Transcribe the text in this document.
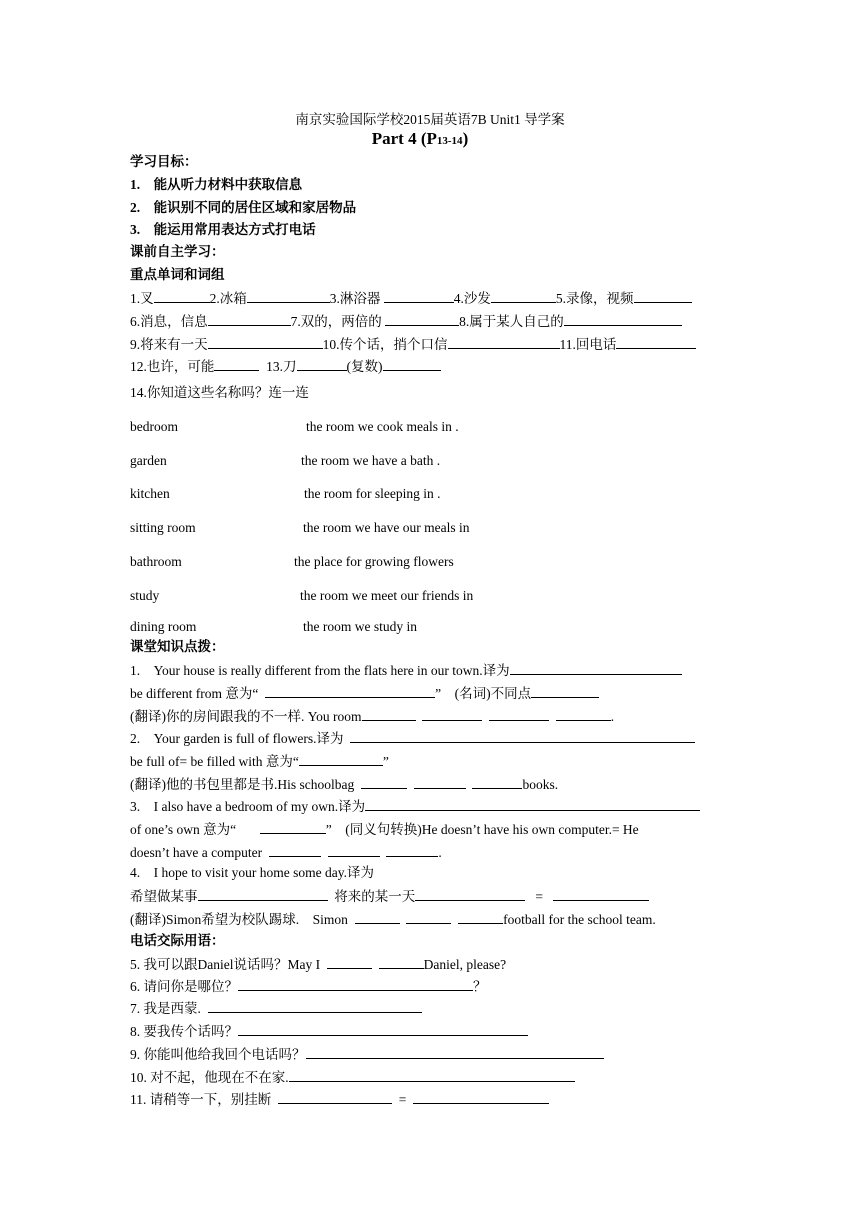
南京实验国际学校2015届英语7B Unit1 导学案
Part 4 (P13-14)
学习目标：
1.　能从听力材料中获取信息
2.　能识别不同的居住区域和家居物品
3.　能运用常用表达方式打电话
课前自主学习：
重点单词和词组
1.叉	2.冰箱	3.淋浴器	4.沙发	5.录像，视频
6.消息，信息	7.双的，两倍的	8.属于某人自己的
9.将来有一天	10.传个话，捎个口信	11.回电话
12.也许，可能	13.刀	(复数)
14.你知道这些名称吗？连一连
bedroom	the room we cook meals in .
garden	the room we have a bath .
kitchen	the room for sleeping in .
sitting room	the room we have our meals in
bathroom	the place for growing flowers
study	the room we meet our friends in
dining room	the room we study in
课堂知识点拨：
1.　Your house is really different from the flats here in our town.译为
be different from 意为“	” (名词)不同点
(翻译)你的房间跟我的不一样. You room	.
2.　Your garden is full of flowers.译为
be full of= be filled with 意为“	”
(翻译)他的书包里都是书.His schoolbag	books.
3.　I also have a bedroom of my own.译为
of one’s own 意为“	” (同义句转换)He doesn’t have his own computer.= He
doesn’t have a computer	.
4.　I hope to visit your home some day.译为
希望做某事	将来的某一天	=
(翻译)Simon希望为校队踢球.　Simon	football for the school team.
电话交际用语：
5. 我可以跟Daniel说话吗？May I	Daniel, please?
6. 请问你是哪位？	？
7. 我是西蒙.
8. 要我传个话吗？
9. 你能叫他给我回个电话吗？
10. 对不起，他现在不在家.
11. 请稍等一下，别挂断	=
